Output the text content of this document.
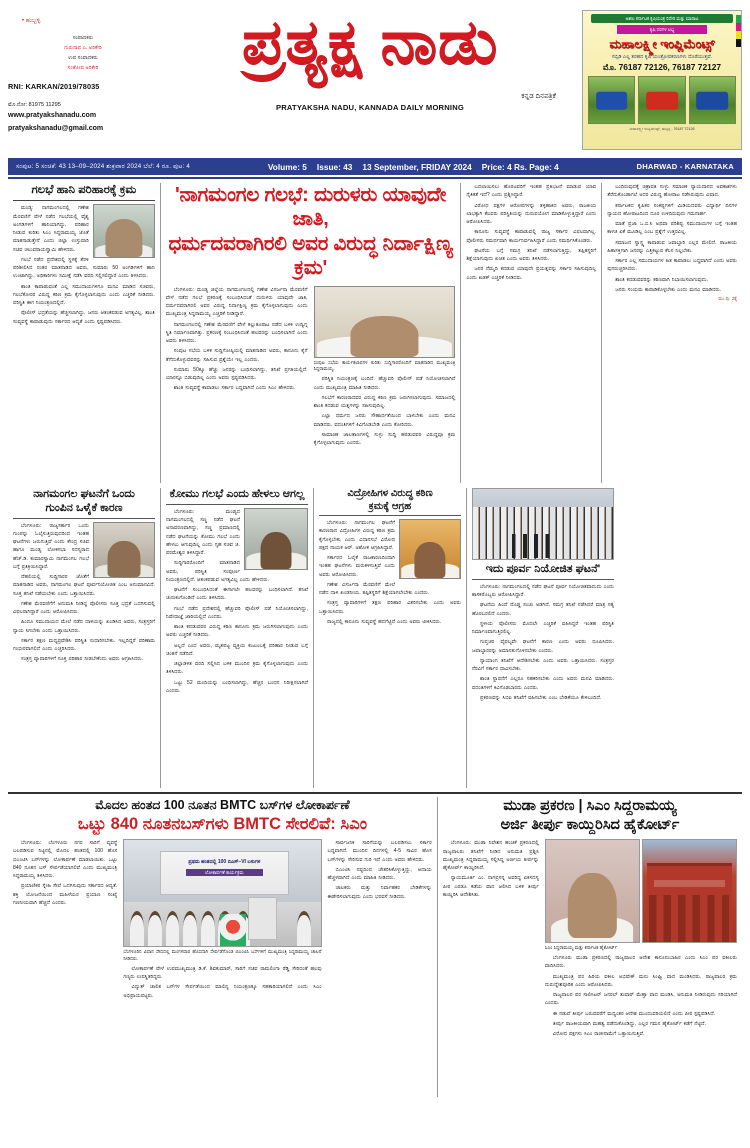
• ಹುಬ್ಬಳ್ಳಿ
ಸಂಪಾದಕರು
ಗುರುನಾಥ ಎ. ಅರಿಕೇರಿ
ಉಪ ಸಂಪಾದಕರು
ಸಂತೋಷ ಅರಿಕೇರಿ
RNI: KARKAN/2019/78035
ಮೊ.ನೋ: 81975 11295
www.pratyakshanadu.com
pratyakshanadu@gmail.com
ಪ್ರತ್ಯಕ್ಷ ನಾಡು
ಕನ್ನಡ ದಿನಪತ್ರಿಕೆ
PRATYAKSHA NADU, KANNADA DAILY MORNING
ಅಖಿಲ ಕರ್ನಾಟಕ ಕೃಷಿಯಂತ್ರ ರಿಪೇರಿ ಮತ್ತು ಮಾರಾಟ
ಕೃಷಿ ದರಗಳ ಲಭ್ಯ
ಮಹಾಲಕ್ಷ್ಮೀ ಇಂಪ್ಲಿಮೆಂಟ್ಸ್
ಸಬ್ಸಿಡಿ ಎಲ್ಲ ತರಹದ ಕೃಷಿ ಯಂತ್ರೋಪಕರಣಗಳು ದೊರೆಯುತ್ತವೆ.
ಮೊ. 76187 72126, 76187 72127
ಮಹಾಲಕ್ಷ್ಮೀ ಇಂಪ್ಲಿಮೆಂಟ್ಸ್, ಹುಬ್ಬಳ್ಳಿ - 76187 72126
ಸಂಪುಟ: 5 ಸಂಚಿಕೆ: 43 13–09–2024 ಶುಕ್ರವಾರ 2024 ಬೆಲೆ: 4 ರೂ. ಪುಟ: 4	Volume: 5 Issue: 43 13 September, FRIDAY 2024 Price: 4 Rs. Page: 4	DHARWAD - KARNATAKA
ಗಲಭೆ ಹಾನಿ ಪರಿಹಾರಕ್ಕೆ ಕ್ರಮ

ಮಂಡ್ಯ: ನಾಗಮಂಗಲದಲ್ಲಿ ಗಣೇಶ ಮೆರವಣಿಗೆ ವೇಳೆ ನಡೆದ ಗಲಭೆಯಲ್ಲಿ ವೈಶ್ಯ ಅಂಗಡಿಗಳಿಗೆ ಹಾನಿಯಾಗಿದ್ದು, ಪರಿಹಾರ ನೀಡುವ ಕುರಿತು ಸಿಎಂ ಸಿದ್ದರಾಮಯ್ಯ ಜೊತೆ ಮಾತನಾಡುತ್ತೇನೆ ಎಂದು ಜಿಲ್ಲಾ ಉಸ್ತುವಾರಿ ಸಚಿವ ಚಲುವರಾಯಸ್ವಾಮಿ ಹೇಳಿದರು.

ಗಲಭೆ ನಡೆದ ಪ್ರದೇಶದಲ್ಲಿ ಸ್ಥಳಕ್ಕೆ ತೆರಳಿ ಪರಿಶೀಲಿಸಿದ ನಂತರ ಮಾತನಾಡಿದ ಅವರು, ಸುಮಾರು 50 ಅಂಗಡಿಗಳಿಗೆ ಹಾನಿ ಉಂಟಾಗಿದ್ದು, ಅಧಿಕಾರಿಗಳು ಸಮೀಕ್ಷೆ ನಡೆಸಿ ವರದಿ ಸಲ್ಲಿಸಲಿದ್ದಾರೆ ಎಂದು ತಿಳಿಸಿದರು.

ಶಾಂತಿ ಕಾಪಾಡುವಂತೆ ಎಲ್ಲ ಸಮುದಾಯಗಳಿಗೂ ಮನವಿ ಮಾಡಿದ ಸಚಿವರು, ಗಲಭೆಕೋರರ ವಿರುದ್ಧ ಕಠಿಣ ಕ್ರಮ ಕೈಗೊಳ್ಳಲಾಗುವುದು ಎಂದು ಎಚ್ಚರಿಕೆ ನೀಡಿದರು. ಪರಿಸ್ಥಿತಿ ಈಗ ನಿಯಂತ್ರಣದಲ್ಲಿದೆ.

ಪೊಲೀಸ್ ಭದ್ರತೆಯನ್ನು ಹೆಚ್ಚಿಸಲಾಗಿದ್ದು, ಜನರು ಆತಂಕಪಡುವ ಅಗತ್ಯವಿಲ್ಲ. ಶಾಂತಿ ಸುವ್ಯವಸ್ಥೆ ಕಾಪಾಡುವುದು ಸರ್ಕಾರದ ಆದ್ಯತೆ ಎಂದು ಸ್ಪಷ್ಟಪಡಿಸಿದರು.

'ನಾಗಮಂಗಲ ಗಲಭೆ: ದುರುಳರು ಯಾವುದೇ ಜಾತಿ,
ಧರ್ಮದವರಾಗಿರಲಿ ಅವರ ವಿರುದ್ಧ ನಿರ್ದಾಕ್ಷಿಣ್ಯ ಕ್ರಮ'

ಬೆಂಗಳೂರು: ಮಂಡ್ಯ ಜಿಲ್ಲೆಯ ನಾಗಮಂಗಲದಲ್ಲಿ ಗಣೇಶ ವಿಸರ್ಜನಾ ಮೆರವಣಿಗೆ ವೇಳೆ ನಡೆದ ಗಲಭೆ ಪ್ರಕರಣಕ್ಕೆ ಸಂಬಂಧಿಸಿದಂತೆ ದುರುಳರು ಯಾವುದೇ ಜಾತಿ, ಧರ್ಮದವರಾಗಿರಲಿ ಅವರ ವಿರುದ್ಧ ನಿರ್ದಾಕ್ಷಿಣ್ಯ ಕ್ರಮ ಕೈಗೊಳ್ಳಲಾಗುವುದು ಎಂದು ಮುಖ್ಯಮಂತ್ರಿ ಸಿದ್ದರಾಮಯ್ಯ ಎಚ್ಚರಿಕೆ ನೀಡಿದ್ದಾರೆ.

ನಾಗಮಂಗಲದಲ್ಲಿ ಗಣೇಶ ಮೆರವಣಿಗೆ ವೇಳೆ ಕಲ್ಲುತೂರಾಟ ನಡೆದ ಬಳಿಕ ಉದ್ವಿಗ್ನ ಸ್ಥಿತಿ ನಿರ್ಮಾಣವಾಗಿತ್ತು. ಪ್ರಕರಣಕ್ಕೆ ಸಂಬಂಧಿಸಿದಂತೆ ಹಲವರನ್ನು ಬಂಧಿಸಲಾಗಿದೆ ಎಂದು ಅವರು ತಿಳಿಸಿದರು.

ಸಂಪುಟ ಸಭೆಯ ಬಳಿಕ ಸುದ್ದಿಗೋಷ್ಠಿಯಲ್ಲಿ ಮಾತನಾಡಿದ ಅವರು, ಕಾನೂನು ಕೈಗೆ ತೆಗೆದುಕೊಳ್ಳುವವರನ್ನು ಸಹಿಸುವ ಪ್ರಶ್ನೆಯೇ ಇಲ್ಲ ಎಂದರು.

ಸುಮಾರು 50ಕ್ಕೂ ಹೆಚ್ಚು ಜನರನ್ನು ಬಂಧಿಸಲಾಗಿದ್ದು, ತನಿಖೆ ಪ್ರಗತಿಯಲ್ಲಿದೆ. ಯಾರನ್ನೂ ಬಿಡುವುದಿಲ್ಲ ಎಂದು ಅವರು ಸ್ಪಷ್ಟಪಡಿಸಿದರು.

ಶಾಂತಿ ಸುವ್ಯವಸ್ಥೆ ಕಾಪಾಡಲು ಸರ್ಕಾರ ಬದ್ಧವಾಗಿದೆ ಎಂದು ಸಿಎಂ ಹೇಳಿದರು.

ಸಂಪುಟ ಸಭೆಯ ಕಾರ್ಯಕಲಾಪಗಳ ಕುರಿತು ಸುದ್ದಿಗಾರರೊಂದಿಗೆ ಮಾತನಾಡಿದ ಮುಖ್ಯಮಂತ್ರಿ ಸಿದ್ದರಾಮಯ್ಯ.

ಪರಿಸ್ಥಿತಿ ನಿಯಂತ್ರಣಕ್ಕೆ ಬಂದಿದೆ. ಹೆಚ್ಚುವರಿ ಪೊಲೀಸ್ ಪಡೆ ನಿಯೋಜಿಸಲಾಗಿದೆ ಎಂದು ಮುಖ್ಯಮಂತ್ರಿ ಮಾಹಿತಿ ನೀಡಿದರು.

ಗಲಭೆಗೆ ಕಾರಣರಾದವರ ವಿರುದ್ಧ ಕಠಿಣ ಕ್ರಮ ಜರುಗಿಸಲಾಗುವುದು. ಸಮಾಜದಲ್ಲಿ ಶಾಂತಿ ಕದಡುವ ಯತ್ನಗಳನ್ನು ಸಹಿಸುವುದಿಲ್ಲ.

ಎಲ್ಲಾ ಧರ್ಮದ ಜನರು ಸೌಹಾರ್ದತೆಯಿಂದ ಬಾಳಬೇಕು ಎಂದು ಮನವಿ ಮಾಡಿದರು. ವದಂತಿಗಳಿಗೆ ಕಿವಿಗೊಡಬೇಡಿ ಎಂದು ಕೋರಿದರು.

ಸಾಮಾಜಿಕ ಜಾಲತಾಣಗಳಲ್ಲಿ ಸುಳ್ಳು ಸುದ್ದಿ ಹರಡುವವರ ವಿರುದ್ಧವೂ ಕ್ರಮ ಕೈಗೊಳ್ಳಲಾಗುವುದು ಎಂದರು.

ಬದಲಾಯಿಸಲು ಹೊರಟವರಿಗೆ ಇಂತಹ ಪ್ರತಿಭಟನೆ ಮಾಡುವ ಯಾವ ನೈತಿಕತೆ ಇದೆ? ಎಂದು ಪ್ರಶ್ನಿಸಿದ್ದಾರೆ.

ವಿರೋಧ ಪಕ್ಷಗಳ ಆರೋಪಗಳನ್ನು ತಳ್ಳಿಹಾಕಿದ ಅವರು, ರಾಜಕೀಯ ಲಾಭಕ್ಕಾಗಿ ಕೆಲವರು ಪರಿಸ್ಥಿತಿಯನ್ನು ದುರುಪಯೋಗ ಮಾಡಿಕೊಳ್ಳುತ್ತಿದ್ದಾರೆ ಎಂದು ಆರೋಪಿಸಿದರು.

ಕಾನೂನು ಸುವ್ಯವಸ್ಥೆ ಕಾಪಾಡುವಲ್ಲಿ ರಾಜ್ಯ ಸರ್ಕಾರ ವಿಫಲವಾಗಿಲ್ಲ. ಪೊಲೀಸರು ಸಮರ್ಥವಾಗಿ ಕಾರ್ಯನಿರ್ವಹಿಸಿದ್ದಾರೆ ಎಂದು ಸಮರ್ಥಿಸಿಕೊಂಡರು.

ಘಟನೆಯ ಬಗ್ಗೆ ಸಮಗ್ರ ತನಿಖೆ ನಡೆಸಲಾಗುತ್ತಿದ್ದು, ತಪ್ಪಿತಸ್ಥರಿಗೆ ಶಿಕ್ಷೆಯಾಗುವುದು ಖಚಿತ ಎಂದು ಅವರು ತಿಳಿಸಿದರು.

ಜನರ ನೆಮ್ಮದಿ ಕದಡುವ ಯಾವುದೇ ಪ್ರಯತ್ನವನ್ನು ಸರ್ಕಾರ ಸಹಿಸುವುದಿಲ್ಲ ಎಂದು ಖಡಕ್ ಎಚ್ಚರಿಕೆ ನೀಡಿದರು.

ಬಂದಿರುವುದಕ್ಕೆ ಚಿತ್ರಾವತಿ ಸುಳ್ಳು ಸಮಾಜಿಕ ನ್ಯಾಯದಾನದ ಅವಕಾಶಗಳು ತೆರೆದುಕೊಂಡಾಗಲೆ ಅದರ ವಿರುದ್ಧ ಹೋರಾಟ ನಡೆಸಿರುವುದು ವಿಷಾದ.

ಕರ್ನಾಟಕದ ಕೃಷಿಕರ ಸಂಕಷ್ಟಗಳಿಗೆ ಮಿಡಿಯದವರು ವಿದ್ಯಾರ್ಥಿ ದಿನಗಳ ನ್ಯಾಯದ ಹೋರಾಟದಿಂದ ದೂರ ಉಳಿದಿರುವುದು ಗಮನಾರ್ಹ.

ಮಾತೆ ಪ್ರಜಾ ಒ.ಬಿ.ಸಿ ಅಥವಾ ಪರಿಶಿಷ್ಟ ಸಮುದಾಯಗಳ ಬಗ್ಗೆ ಇಂತಹ ಕಾಳಜಿ ಏಕೆ ಮೂಡಿಲ್ಲ ಎಂಬ ಪ್ರಶ್ನೆಗೆ ಉತ್ತರವಿಲ್ಲ.

ಸಮಾಜದ ಸ್ವಾಸ್ಥ್ಯ ಕಾಪಾಡುವ ಜವಾಬ್ದಾರಿ ಎಲ್ಲರ ಮೇಲಿದೆ. ರಾಜಕೀಯ ಹಿತಾಸಕ್ತಿಗಾಗಿ ಜನರನ್ನು ಎತ್ತಿಕಟ್ಟುವ ಕೆಲಸ ನಿಲ್ಲಬೇಕು.

ಸರ್ಕಾರ ಎಲ್ಲ ಸಮುದಾಯಗಳ ಹಿತ ಕಾಪಾಡಲು ಬದ್ಧವಾಗಿದೆ ಎಂದು ಅವರು ಪುನರುಚ್ಚರಿಸಿದರು.

ಶಾಂತಿ ಕದಡುವವರನ್ನು ಕಠಿಣವಾಗಿ ನಿಭಾಯಿಸಲಾಗುವುದು.

ಜನರು ಸಂಯಮ ಕಾಪಾಡಿಕೊಳ್ಳಬೇಕು ಎಂದು ಮನವಿ ಮಾಡಿದರು.

ಮು.ಪು. 2ಕ್ಕೆ
ನಾಗಮಂಗಲ ಘಟನೆಗೆ ಒಂದು
ಗುಂಪಿನ ಒಳೈಕೆ ಕಾರಣ

ಬೆಂಗಳೂರು: ರಾಜ್ಯಸರ್ಕಾರ ಒಂದು ಗುಂಪನ್ನು ಓಲೈಸುತ್ತಿರುವುದರಿಂದ ಇಂತಹ ಘಟನೆಗಳು ಜರುಗುತ್ತಿವೆ ಎಂದು ಕೇಂದ್ರ ಸಚಿವ ಹಾಗೂ ಮಂಡ್ಯ ಲೋಕಸಭಾ ಸದಸ್ಯರಾದ ಹೆಚ್.ಡಿ. ಕುಮಾರಸ್ವಾಮಿ ನಾಗಮಂಗಲ ಗಲಭೆ ಬಗ್ಗೆ ಪ್ರತಿಕ್ರಿಯಿಸಿದ್ದಾರೆ.

ದೆಹಲಿಯಲ್ಲಿ ಸುದ್ದಿಗಾರರ ಜೊತೆಗೆ ಮಾತನಾಡಿದ ಅವರು, ನಾಗಮಂಗಲ ಘಟನೆ ಪೂರ್ವನಿಯೋಜಿತ ಎಂಬ ಅನುಮಾನವಿದೆ. ಸೂಕ್ತ ತನಿಖೆ ನಡೆಯಬೇಕು ಎಂದು ಒತ್ತಾಯಿಸಿದರು.

ಗಣೇಶ ಮೆರವಣಿಗೆಗೆ ಅನುಮತಿ ನೀಡಿದ್ದ ಪೊಲೀಸರು ಸೂಕ್ತ ಭದ್ರತೆ ಒದಗಿಸುವಲ್ಲಿ ವಿಫಲರಾಗಿದ್ದಾರೆ ಎಂದು ಆರೋಪಿಸಿದರು.

ಹಿಂದೂ ಸಮುದಾಯದ ಮೇಲೆ ನಡೆದ ದಾಳಿಯನ್ನು ಖಂಡಿಸಿದ ಅವರು, ಸಂತ್ರಸ್ತರಿಗೆ ನ್ಯಾಯ ಸಿಗಬೇಕು ಎಂದು ಒತ್ತಾಯಿಸಿದರು.

ಸರ್ಕಾರ ತಕ್ಷಣ ಮಧ್ಯಪ್ರವೇಶಿಸಿ ಪರಿಸ್ಥಿತಿ ಸುಧಾರಿಸಬೇಕು. ಇಲ್ಲದಿದ್ದರೆ ಪರಿಣಾಮ ಗಂಭೀರವಾಗಲಿದೆ ಎಂದು ಎಚ್ಚರಿಸಿದರು.

ಸಂತ್ರಸ್ತ ವ್ಯಾಪಾರಿಗಳಿಗೆ ಸೂಕ್ತ ಪರಿಹಾರ ನೀಡಬೇಕೆಂದು ಅವರು ಆಗ್ರಹಿಸಿದರು.

ಕೋಮು ಗಲಭೆ ಎಂದು ಹೇಳಲು ಆಗಲ್ಲ

ಬೆಂಗಳೂರು: ಮಂಡ್ಯದ ನಾಗಮಂಗಲದಲ್ಲಿ ಸಣ್ಣ ನಡೆದ ಘಟನೆ ಅನಾವರಣವಾಗಿದ್ದು, ಸಣ್ಣ ಪ್ರಮಾಣದಲ್ಲಿ ನಡೆದ ಘಟನೆಯನ್ನು ಕೋಮು ಗಲಭೆ ಎಂದು ಹೇಳಲು ಆಗುವುದಿಲ್ಲ ಎಂದು ಗೃಹ ಸಚಿವ ಜಿ. ಪರಮೇಶ್ವರ ತಿಳಿಸಿದ್ದಾರೆ.

ಸುದ್ದಿಗಾರರೊಂದಿಗೆ ಮಾತನಾಡಿದ ಅವರು, ಪರಿಸ್ಥಿತಿ ಸಂಪೂರ್ಣ ನಿಯಂತ್ರಣದಲ್ಲಿದೆ. ಆತಂಕಪಡುವ ಅಗತ್ಯವಿಲ್ಲ ಎಂದು ಹೇಳಿದರು.

ಘಟನೆಗೆ ಸಂಬಂಧಿಸಿದಂತೆ ಈಗಾಗಲೇ ಹಲವರನ್ನು ಬಂಧಿಸಲಾಗಿದೆ. ತನಿಖೆ ಚುರುಕುಗೊಂಡಿದೆ ಎಂದು ತಿಳಿಸಿದರು.

ಗಲಭೆ ನಡೆದ ಪ್ರದೇಶದಲ್ಲಿ ಹೆಚ್ಚುವರಿ ಪೊಲೀಸ್ ಪಡೆ ನಿಯೋಜಿಸಲಾಗಿದ್ದು, ನಿಷೇಧಾಜ್ಞೆ ಜಾರಿಯಲ್ಲಿದೆ ಎಂದರು.

ಶಾಂತಿ ಕದಡುವವರ ವಿರುದ್ಧ ಕಠಿಣ ಕಾನೂನು ಕ್ರಮ ಜರುಗಿಸಲಾಗುವುದು ಎಂದು ಅವರು ಎಚ್ಚರಿಕೆ ನೀಡಿದರು.

ಅಲ್ಲದೆ ಎಂದ ಅವರು, ಮೃತಪಟ್ಟ ವ್ಯಕ್ತಿಯ ಕುಟುಂಬಕ್ಕೆ ಪರಿಹಾರ ನೀಡುವ ಬಗ್ಗೆ ಚಿಂತನೆ ನಡೆದಿದೆ.

ಜಿಲ್ಲಾಡಳಿತ ವರದಿ ಸಲ್ಲಿಸಿದ ಬಳಿಕ ಮುಂದಿನ ಕ್ರಮ ಕೈಗೊಳ್ಳಲಾಗುವುದು ಎಂದು ತಿಳಿಸಿದರು.

ಒಟ್ಟು 52 ಮಂದಿಯನ್ನು ಬಂಧಿಸಲಾಗಿದ್ದು, ಹೆಚ್ಚಿನ ಬಂಧನ ನಿರೀಕ್ಷಿಸಲಾಗಿದೆ ಎಂದರು.

ವಿದ್ರೋಹಿಗಳ ವಿರುದ್ಧ ಕಠಿಣ
ಕ್ರಮಕ್ಕೆ ಆಗ್ರಹ

ಬೆಂಗಳೂರು: ನಾಗಮಂಗಲ ಘಟನೆಗೆ ಕಾರಣರಾದ ವಿದ್ರೋಹಿಗಳ ವಿರುದ್ಧ ಕಠಿಣ ಕ್ರಮ ಕೈಗೊಳ್ಳಬೇಕು ಎಂದು ವಿಧಾನಸಭೆ ವಿರೋಧ ಪಕ್ಷದ ನಾಯಕ ಆರ್. ಅಶೋಕ ಆಗ್ರಹಿಸಿದ್ದಾರೆ.

ಸರ್ಕಾರದ ಓಲೈಕೆ ರಾಜಕಾರಣದಿಂದಾಗಿ ಇಂತಹ ಘಟನೆಗಳು ಮರುಕಳಿಸುತ್ತಿವೆ ಎಂದು ಅವರು ಆರೋಪಿಸಿದರು.

ಗಣೇಶ ವಿಸರ್ಜನಾ ಮೆರವಣಿಗೆ ಮೇಲೆ ನಡೆದ ದಾಳಿ ಖಂಡನೀಯ. ತಪ್ಪಿತಸ್ಥರಿಗೆ ಶಿಕ್ಷೆಯಾಗಲೇಬೇಕು ಎಂದರು.

ಸಂತ್ರಸ್ತ ವ್ಯಾಪಾರಿಗಳಿಗೆ ತಕ್ಷಣ ಪರಿಹಾರ ವಿತರಿಸಬೇಕು ಎಂದು ಅವರು ಒತ್ತಾಯಿಸಿದರು.

ರಾಜ್ಯದಲ್ಲಿ ಕಾನೂನು ಸುವ್ಯವಸ್ಥೆ ಹದಗೆಟ್ಟಿದೆ ಎಂದು ಅವರು ಟೀಕಿಸಿದರು.

ಇದು ಪೂರ್ವ ನಿಯೋಜಿತ ಘಟನೆ'

ಬೆಂಗಳೂರು: ನಾಗಮಂಗಲದಲ್ಲಿ ನಡೆದ ಘಟನೆ ಪೂರ್ವ ನಿಯೋಜಿತವಾದುದು ಎಂದು ಶಾಸಕರೊಬ್ಬರು ಆರೋಪಿಸಿದ್ದಾರೆ.

ಘಟನೆಯ ಹಿಂದೆ ದೊಡ್ಡ ಸಂಚು ಅಡಗಿದೆ. ಸಮಗ್ರ ತನಿಖೆ ನಡೆಸಿದರೆ ಮಾತ್ರ ಸತ್ಯ ಹೊರಬರಲಿದೆ ಎಂದರು.

ಸ್ಥಳೀಯ ಪೊಲೀಸರು ಮೊದಲೇ ಎಚ್ಚರಿಕೆ ವಹಿಸಿದ್ದರೆ ಇಂತಹ ಪರಿಸ್ಥಿತಿ ನಿರ್ಮಾಣವಾಗುತ್ತಿರಲಿಲ್ಲ.

ಗುಪ್ತಚರ ವೈಫಲ್ಯವೇ ಘಟನೆಗೆ ಕಾರಣ ಎಂದು ಅವರು ದೂಷಿಸಿದರು. ಜವಾಬ್ದಾರರನ್ನು ಅಮಾನತುಗೊಳಿಸಬೇಕು ಎಂದರು.

ನ್ಯಾಯಾಂಗ ತನಿಖೆಗೆ ಆದೇಶಿಸಬೇಕು ಎಂದು ಅವರು ಒತ್ತಾಯಿಸಿದರು. ಸಂತ್ರಸ್ತರ ನೆರವಿಗೆ ಸರ್ಕಾರ ಧಾವಿಸಬೇಕು.

ಶಾಂತಿ ಸ್ಥಾಪನೆಗೆ ಎಲ್ಲರೂ ಸಹಕರಿಸಬೇಕು ಎಂದು ಅವರು ಮನವಿ ಮಾಡಿದರು. ವದಂತಿಗಳಿಗೆ ಕಿವಿಗೊಡಬಾರದು ಎಂದರು.

ಪ್ರಕರಣವನ್ನು ಸಿಬಿಐ ತನಿಖೆಗೆ ವಹಿಸಬೇಕು ಎಂಬ ಬೇಡಿಕೆಯೂ ಕೇಳಿಬಂದಿದೆ.

ಮೊದಲ ಹಂತದ 100 ನೂತನ BMTC ಬಸ್‌ಗಳ ಲೋಕಾರ್ಪಣೆ
ಒಟ್ಟು 840 ನೂತನಬಸ್‌ಗಳು BMTC ಸೇರಲಿವೆ: ಸಿಎಂ

ಬೆಂಗಳೂರು: ಬೆಂಗಳೂರು ನಗರ ಸಾರಿಗೆ ವ್ಯವಸ್ಥೆ ಬಲಪಡಿಸುವ ನಿಟ್ಟಿನಲ್ಲಿ ಮೊದಲ ಹಂತದಲ್ಲಿ 100 ಹೊಸ ಬಿಎಂಟಿಸಿ ಬಸ್‌ಗಳನ್ನು ಲೋಕಾರ್ಪಣೆ ಮಾಡಲಾಯಿತು. ಒಟ್ಟು 840 ನೂತನ ಬಸ್ ಸೇರ್ಪಡೆಯಾಗಲಿವೆ ಎಂದು ಮುಖ್ಯಮಂತ್ರಿ ಸಿದ್ದರಾಮಯ್ಯ ತಿಳಿಸಿದರು.

ಪ್ರಯಾಣಿಕರ ಸ್ನೇಹಿ ಸೇವೆ ಒದಗಿಸುವುದು ಸರ್ಕಾರದ ಆದ್ಯತೆ. ಶಕ್ತಿ ಯೋಜನೆಯಿಂದ ಮಹಿಳೆಯರ ಪ್ರಯಾಣ ಸಂಖ್ಯೆ ಗಣನೀಯವಾಗಿ ಹೆಚ್ಚಿದೆ ಎಂದರು.

ಪ್ರಥಮ ಹಂತದಲ್ಲಿ 100 ಬಿಎಸ್–VI ಬಸುಗಳ
ಲೋಕಾರ್ಪಣೆ ಕಾರ್ಯಕ್ರಮ
ಬೆಂಗಳೂರಿನ ವಿಧಾನ ಸೌಧದಲ್ಲಿ ಮಂಗಳವಾರ ಹೊಸದಾಗಿ ಸೇರ್ಪಡೆಗೊಂಡ ಬಿಎಂಟಿಸಿ ಬಸ್‌ಗಳಿಗೆ ಮುಖ್ಯಮಂತ್ರಿ ಸಿದ್ದರಾಮಯ್ಯ ಚಾಲನೆ ನೀಡಿದರು.

ಲೋಕಾರ್ಪಣೆ ವೇಳೆ ಉಪಮುಖ್ಯಮಂತ್ರಿ ಡಿ.ಕೆ. ಶಿವಕುಮಾರ್, ಸಾರಿಗೆ ಸಚಿವ ರಾಮಲಿಂಗಾ ರೆಡ್ಡಿ ಸೇರಿದಂತೆ ಹಲವು ಗಣ್ಯರು ಉಪಸ್ಥಿತರಿದ್ದರು.

ವಿದ್ಯುತ್ ಚಾಲಿತ ಬಸ್‌ಗಳ ಸೇರ್ಪಡೆಯಿಂದ ಮಾಲಿನ್ಯ ನಿಯಂತ್ರಣಕ್ಕೂ ಸಹಕಾರಿಯಾಗಲಿದೆ ಎಂದು ಸಿಎಂ ಅಭಿಪ್ರಾಯಪಟ್ಟರು.

ಸಾರ್ವಜನಿಕ ಸಾರಿಗೆಯನ್ನು ಬಲಪಡಿಸಲು ಸರ್ಕಾರ ಬದ್ಧವಾಗಿದೆ. ಮುಂದಿನ ದಿನಗಳಲ್ಲಿ 4-5 ಸಾವಿರ ಹೊಸ ಬಸ್‌ಗಳನ್ನು ಸೇರಿಸುವ ಗುರಿ ಇದೆ ಎಂದು ಅವರು ಹೇಳಿದರು.

ಬಿಎಂಟಿಸಿ ನಷ್ಟದಿಂದ ಚೇತರಿಸಿಕೊಳ್ಳುತ್ತಿದ್ದು, ಆದಾಯ ಹೆಚ್ಚಳವಾಗಿದೆ ಎಂದು ಮಾಹಿತಿ ನೀಡಿದರು.

ಚಾಲಕರು ಮತ್ತು ನಿರ್ವಾಹಕರ ಬೇಡಿಕೆಗಳನ್ನು ಈಡೇರಿಸಲಾಗುವುದು ಎಂದು ಭರವಸೆ ನೀಡಿದರು.

ಮುಡಾ ಪ್ರಕರಣ | ಸಿಎಂ ಸಿದ್ದರಾಮಯ್ಯ
ಅರ್ಜಿ ತೀರ್ಪು ಕಾಯ್ದಿರಿಸಿದ ಹೈಕೋರ್ಟ್

ಬೆಂಗಳೂರು: ಮುಡಾ ನಿವೇಶನ ಹಂಚಿಕೆ ಪ್ರಕರಣದಲ್ಲಿ ರಾಜ್ಯಪಾಲರು ತನಿಖೆಗೆ ನೀಡಿದ ಅನುಮತಿ ಪ್ರಶ್ನಿಸಿ ಮುಖ್ಯಮಂತ್ರಿ ಸಿದ್ದರಾಮಯ್ಯ ಸಲ್ಲಿಸಿದ್ದ ಅರ್ಜಿಯ ತೀರ್ಪನ್ನು ಹೈಕೋರ್ಟ್ ಕಾಯ್ದಿರಿಸಿದೆ.

ನ್ಯಾಯಮೂರ್ತಿ ಎಂ. ನಾಗಪ್ರಸನ್ನ ಅವರಿದ್ದ ಏಕಸದಸ್ಯ ಪೀಠ ಎರಡೂ ಕಡೆಯ ವಾದ ಆಲಿಸಿದ ಬಳಿಕ ತೀರ್ಪು ಕಾಯ್ದಿರಿಸಿ ಆದೇಶಿಸಿತು.

ಸಿಎಂ ಸಿದ್ದರಾಮಯ್ಯ ಮತ್ತು ಕರ್ನಾಟಕ ಹೈಕೋರ್ಟ್

ಬೆಂಗಳೂರು ಮುಡಾ ಪ್ರಕರಣದಲ್ಲಿ ರಾಜ್ಯಪಾಲರ ಆದೇಶ ಕಾನೂನುಬಾಹಿರ ಎಂದು ಸಿಎಂ ಪರ ವಕೀಲರು ವಾದಿಸಿದರು.

ಮುಖ್ಯಮಂತ್ರಿ ಪರ ಹಿರಿಯ ವಕೀಲ ಅಭಿಷೇಕ್ ಮನು ಸಿಂಘ್ವಿ ವಾದ ಮಂಡಿಸಿದರು. ರಾಜ್ಯಪಾಲರ ಕ್ರಮ ದುರುದ್ದೇಶಪೂರಿತ ಎಂದು ಆರೋಪಿಸಿದರು.

ರಾಜ್ಯಪಾಲರ ಪರ ಸಾಲಿಸಿಟರ್ ಜನರಲ್ ತುಷಾರ್ ಮೆಹ್ತಾ ವಾದ ಮಂಡಿಸಿ, ಅನುಮತಿ ನೀಡಿರುವುದು ಸರಿಯಾಗಿದೆ ಎಂದರು.

ಈ ನಡುವೆ ತೀರ್ಪು ಬರುವವರೆಗೆ ಮಧ್ಯಂತರ ಆದೇಶ ಮುಂದುವರಿಯಲಿದೆ ಎಂದು ಪೀಠ ಸ್ಪಷ್ಟಪಡಿಸಿದೆ.

ತೀರ್ಪು ರಾಜಕೀಯವಾಗಿ ಮಹತ್ವ ಪಡೆದುಕೊಂಡಿದ್ದು, ಎಲ್ಲರ ಗಮನ ಹೈಕೋರ್ಟ್ ಕಡೆಗೆ ನೆಟ್ಟಿದೆ.

ವಿರೋಧ ಪಕ್ಷಗಳು ಸಿಎಂ ರಾಜೀನಾಮೆಗೆ ಒತ್ತಾಯಿಸುತ್ತಿವೆ.
